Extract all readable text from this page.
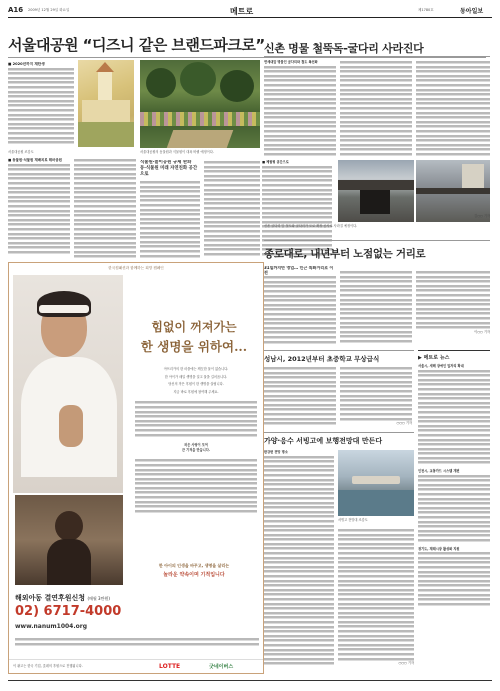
A16 2009년 12월 29일 화요일	메트로	제1780호	동아일보
서울대공원 “디즈니 같은 브랜드파크로”
■ 2020년까지 재탄생
서울대공원 조감도
■ 동물원·식물원 재배치로 테마공원
서울대공원의 동물원과 식물원이 대폭 바뀔 예정이다.
식물원·놀이공원 규제 완화
동·식물원 미래 자연친화 공간으로
■ 체험형 공간으로
신촌 명물 철뚝독-굴다리 사라진다
연세대앞 명물인 굴다리와 철도 복선화
신촌 굴다리 앞 철도와 굴다리가 도로 확장 공사로 사라질 예정이다.
김○○ 기자
한국컴패션과 함께하는 희망 캠페인
힘없이 꺼져가는
한 생명을 위하여...
아프리카의 한 마을에는 깨끗한 물이 없습니다.
한 아이가 매일 생명을 걸고 물을 길어옵니다.
당신의 작은 후원이 한 생명을 살립니다.
지금 바로 후원에 참여해 주세요.
작은 사랑이 모여
큰 기적을 만듭니다.
한 아이의 인생을 바꾸고, 생명을 살리는
놀라운 약속이며 기적입니다
해외아동 결연후원신청 (매월 3만원)
02) 6717-4000
www.nanum1004.org
이 광고는 한국 기업, 롯데의 후원으로 진행됩니다.	LOTTE	굿네이버스
종로대로, 내년부터 노점없는 거리로
31일까지만 영업… 인근 특화거리로 이전
이○○ 기자
성남시, 2012년부터 초중학교 무상급식
○○○ 기자
가양·응수 서빙고에 보행전망대 만든다
한강변 전망 명소
서빙고 전망대 조감도
○○○ 기자
▶ 메트로 뉴스
서울시, 새해 장애인 일자리 확대
인천시, 교통카드 시스템 개편
경기도, 재래시장 활성화 지원
